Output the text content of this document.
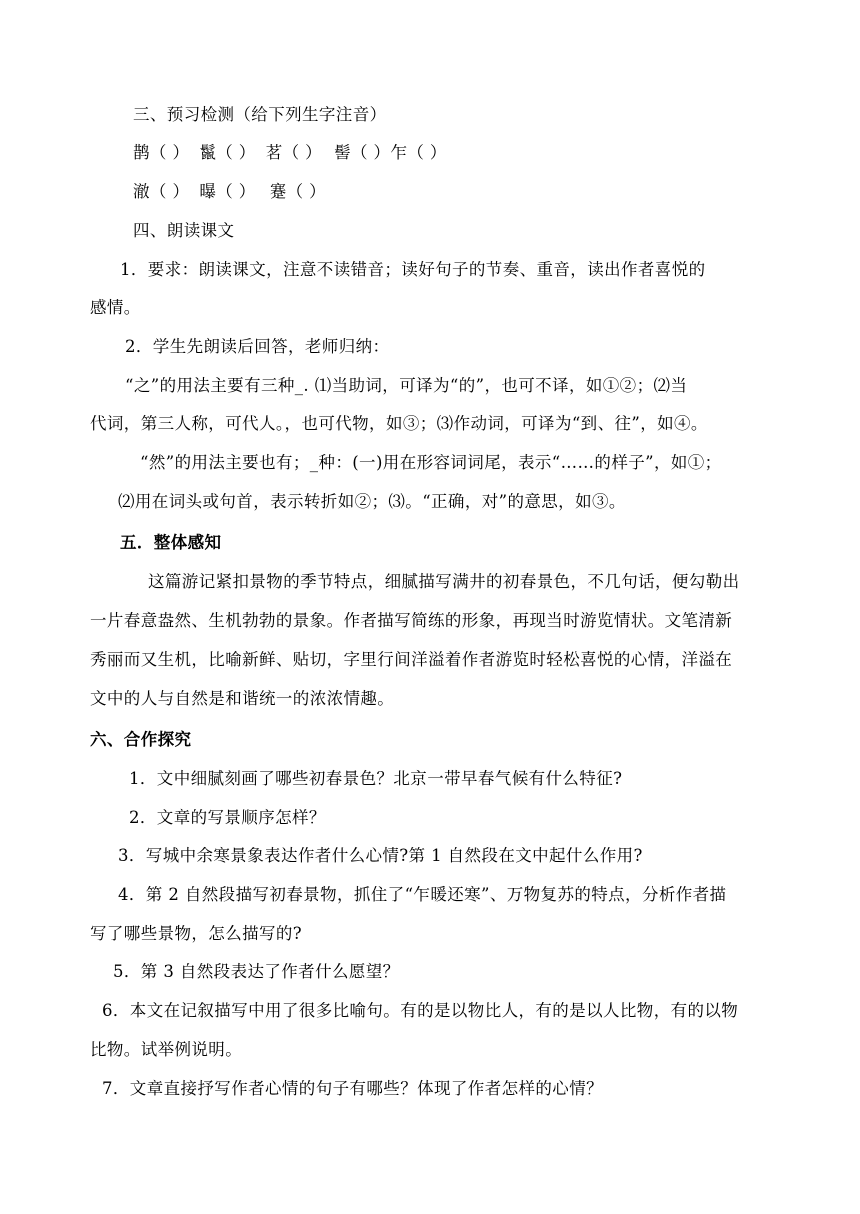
三、预习检测（给下列生字注音）
鹊（ ） 鬣（ ） 茗（ ） 髻（ ）乍（ ）
澈（ ） 曝（ ） 蹇（ ）
四、朗读课文
1．要求：朗读课文，注意不读错音；读好句子的节奏、重音，读出作者喜悦的
感情。
2．学生先朗读后回答，老师归纳：
“之”的用法主要有三种_. ⑴当助词，可译为“的”，也可不译，如①②；⑵当
代词，第三人称，可代人。，也可代物，如③；⑶作动词，可译为“到、往”，如④。
“然”的用法主要也有；_种：(一)用在形容词词尾，表示“……的样子”，如①；
⑵用在词头或句首，表示转折如②；⑶。“正确，对”的意思，如③。
五．整体感知
这篇游记紧扣景物的季节特点，细腻描写满井的初春景色，不几句话，便勾勒出
一片春意盎然、生机勃勃的景象。作者描写简练的形象，再现当时游览情状。文笔清新
秀丽而又生机，比喻新鲜、贴切，字里行间洋溢着作者游览时轻松喜悦的心情，洋溢在
文中的人与自然是和谐统一的浓浓情趣。
六、合作探究
1．文中细腻刻画了哪些初春景色？北京一带早春气候有什么特征?
2．文章的写景顺序怎样？
3．写城中余寒景象表达作者什么心情?第 1 自然段在文中起什么作用?
4．第 2 自然段描写初春景物，抓住了“乍暖还寒”、万物复苏的特点，分析作者描
写了哪些景物，怎么描写的?
5．第 3 自然段表达了作者什么愿望？
6．本文在记叙描写中用了很多比喻句。有的是以物比人，有的是以人比物，有的以物
比物。试举例说明。
7．文章直接抒写作者心情的句子有哪些？体现了作者怎样的心情？
